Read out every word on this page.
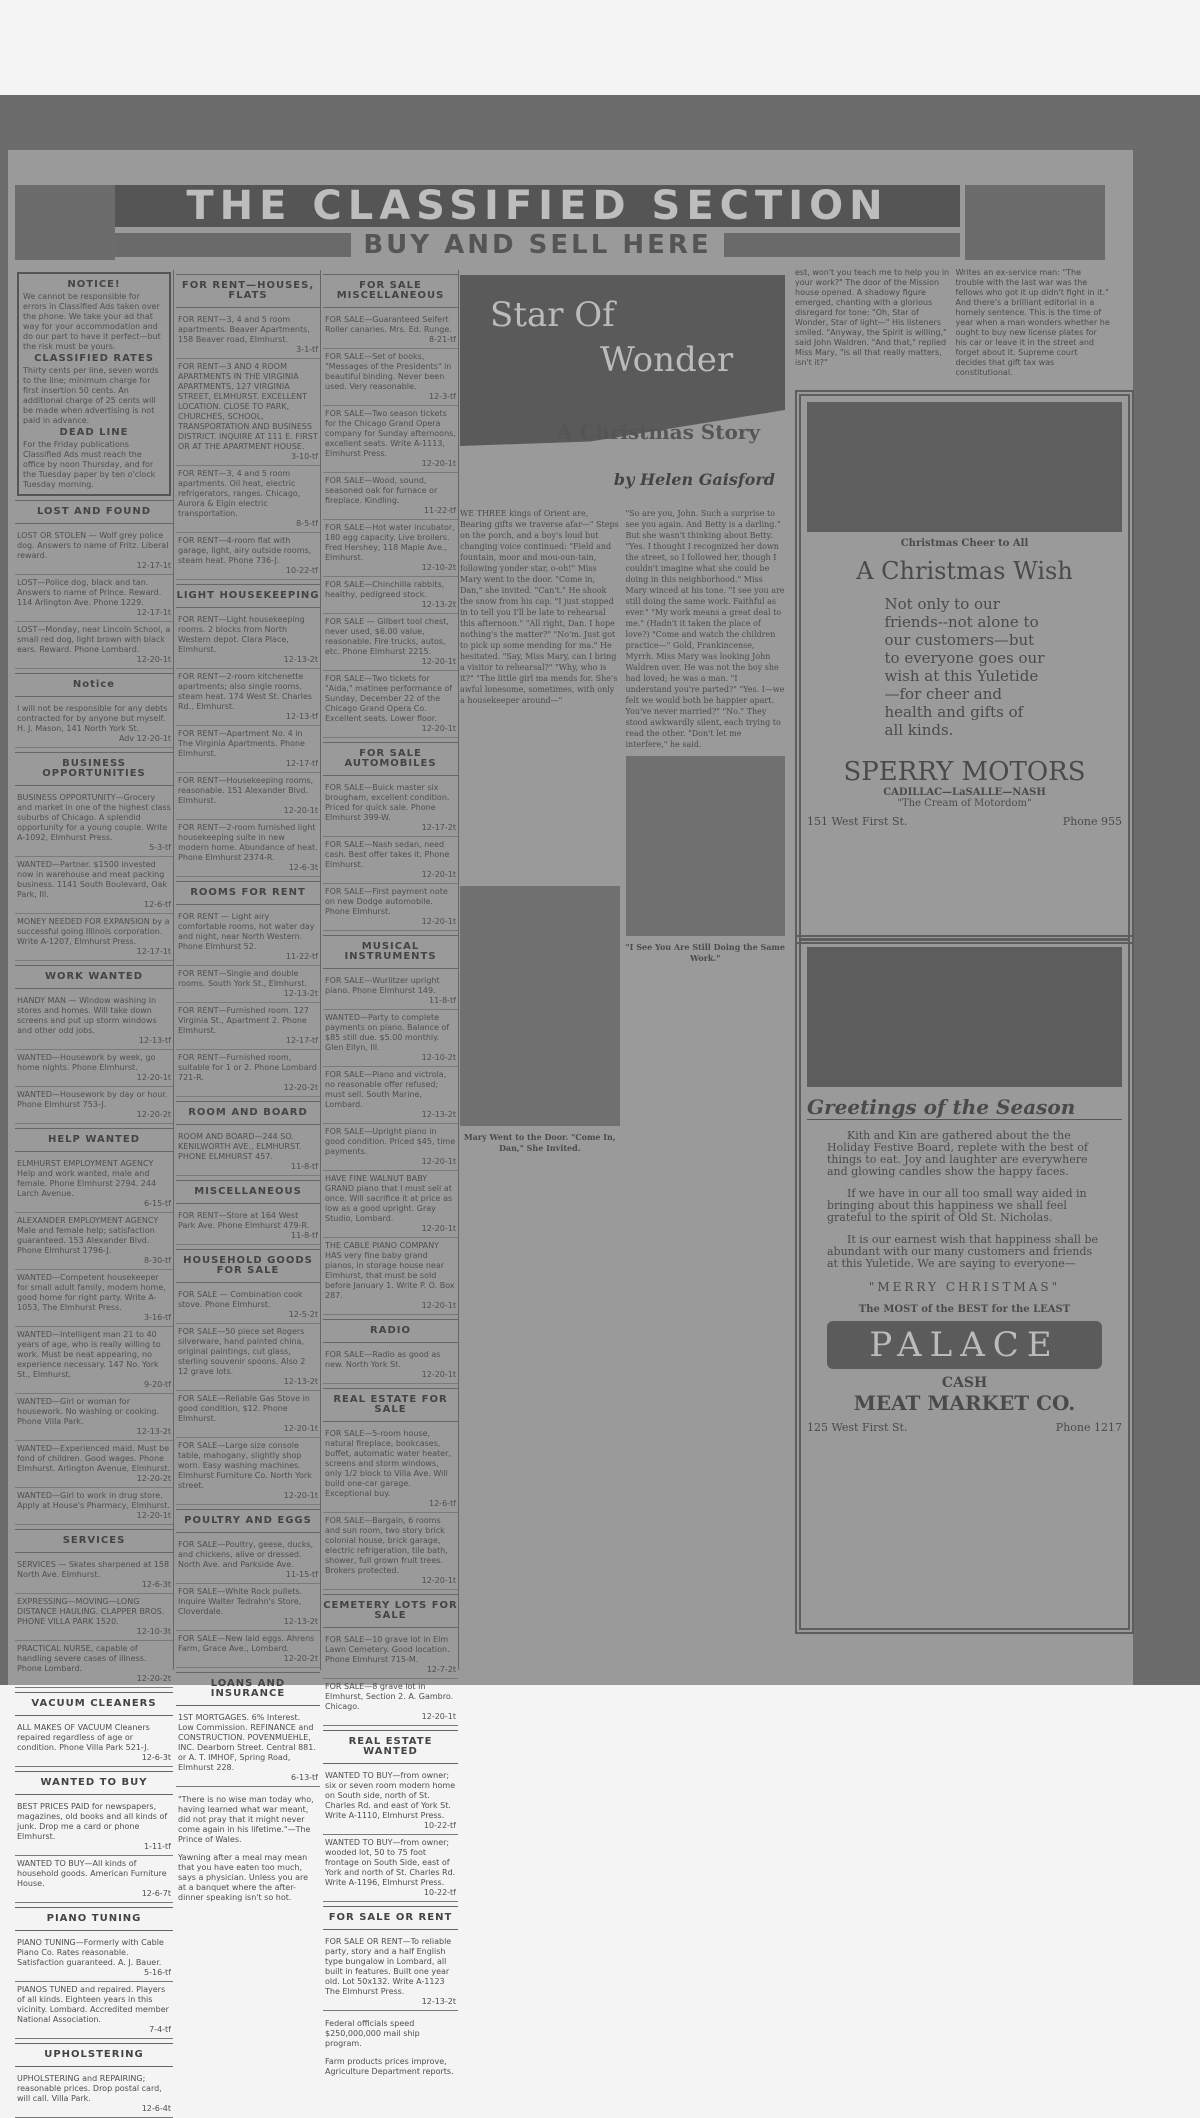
THE CLASSIFIED SECTION
BUY AND SELL HERE
NOTICE!
We cannot be responsible for errors in Classified Ads taken over the phone. We take your ad that way for your accommodation and do our part to have it perfect—but the risk must be yours.
CLASSIFIED RATES
Thirty cents per line, seven words to the line; minimum charge for first insertion 50 cents. An additional charge of 25 cents will be made when advertising is not paid in advance.
DEAD LINE
For the Friday publications Classified Ads must reach the office by noon Thursday, and for the Tuesday paper by ten o'clock Tuesday morning.
LOST AND FOUND
LOST OR STOLEN — Wolf grey police dog. Answers to name of Fritz. Liberal reward.
12-17-1t
LOST—Police dog, black and tan. Answers to name of Prince. Reward. 114 Arlington Ave. Phone 1229.
12-17-1t
LOST—Monday, near Lincoln School, a small red dog, light brown with black ears. Reward. Phone Lombard.
12-20-1t
Notice
I will not be responsible for any debts contracted for by anyone but myself. H. J. Mason, 141 North York St.
Adv 12-20-1t
BUSINESS OPPORTUNITIES
BUSINESS OPPORTUNITY—Grocery and market in one of the highest class suburbs of Chicago. A splendid opportunity for a young couple. Write A-1092, Elmhurst Press.
5-3-tf
WANTED—Partner. $1500 invested now in warehouse and meat packing business. 1141 South Boulevard, Oak Park, Ill.
12-6-tf
MONEY NEEDED FOR EXPANSION by a successful going Illinois corporation. Write A-1207, Elmhurst Press.
12-17-1t
WORK WANTED
HANDY MAN — Window washing in stores and homes. Will take down screens and put up storm windows and other odd jobs.
12-13-tf
WANTED—Housework by week, go home nights. Phone Elmhurst.
12-20-1t
WANTED—Housework by day or hour. Phone Elmhurst 753-J.
12-20-2t
HELP WANTED
ELMHURST EMPLOYMENT AGENCY Help and work wanted, male and female. Phone Elmhurst 2794. 244 Larch Avenue.
6-15-tf
ALEXANDER EMPLOYMENT AGENCY Male and female help; satisfaction guaranteed. 153 Alexander Blvd. Phone Elmhurst 1796-J.
8-30-tf
WANTED—Competent housekeeper for small adult family, modern home, good home for right party. Write A-1053, The Elmhurst Press.
3-16-tf
WANTED—Intelligent man 21 to 40 years of age, who is really willing to work. Must be neat appearing, no experience necessary. 147 No. York St., Elmhurst.
9-20-tf
WANTED—Girl or woman for housework. No washing or cooking. Phone Villa Park.
12-13-2t
WANTED—Experienced maid. Must be fond of children. Good wages. Phone Elmhurst. Arlington Avenue, Elmhurst.
12-20-2t
WANTED—Girl to work in drug store. Apply at House's Pharmacy, Elmhurst.
12-20-1t
SERVICES
SERVICES — Skates sharpened at 158 North Ave. Elmhurst.
12-6-3t
EXPRESSING—MOVING—LONG DISTANCE HAULING. CLAPPER BROS. PHONE VILLA PARK 1520.
12-10-3t
PRACTICAL NURSE, capable of handling severe cases of illness. Phone Lombard.
12-20-2t
VACUUM CLEANERS
ALL MAKES OF VACUUM Cleaners repaired regardless of age or condition. Phone Villa Park 521-J.
12-6-3t
WANTED TO BUY
BEST PRICES PAID for newspapers, magazines, old books and all kinds of junk. Drop me a card or phone Elmhurst.
1-11-tf
WANTED TO BUY—All kinds of household goods. American Furniture House.
12-6-7t
PIANO TUNING
PIANO TUNING—Formerly with Cable Piano Co. Rates reasonable. Satisfaction guaranteed. A. J. Bauer.
5-16-tf
PIANOS TUNED and repaired. Players of all kinds. Eighteen years in this vicinity. Lombard. Accredited member National Association.
7-4-tf
UPHOLSTERING
UPHOLSTERING and REPAIRING; reasonable prices. Drop postal card, will call. Villa Park.
12-6-4t
FOR RENT—HOUSES, FLATS
FOR RENT—3, 4 and 5 room apartments. Beaver Apartments, 158 Beaver road, Elmhurst.
3-1-tf
FOR RENT—3 AND 4 ROOM APARTMENTS IN THE VIRGINIA APARTMENTS, 127 VIRGINIA STREET, ELMHURST. EXCELLENT LOCATION. CLOSE TO PARK, CHURCHES, SCHOOL, TRANSPORTATION AND BUSINESS DISTRICT. INQUIRE AT 111 E. FIRST OR AT THE APARTMENT HOUSE.
3-10-tf
FOR RENT—3, 4 and 5 room apartments. Oil heat, electric refrigerators, ranges. Chicago, Aurora & Elgin electric transportation.
8-5-tf
FOR RENT—4-room flat with garage, light, airy outside rooms, steam heat. Phone 736-J.
10-22-tf
LIGHT HOUSEKEEPING
FOR RENT—Light housekeeping rooms. 2 blocks from North Western depot. Clara Place, Elmhurst.
12-13-2t
FOR RENT—2-room kitchenette apartments; also single rooms, steam heat. 174 West St. Charles Rd., Elmhurst.
12-13-tf
FOR RENT—Apartment No. 4 in The Virginia Apartments. Phone Elmhurst.
12-17-tf
FOR RENT—Housekeeping rooms, reasonable. 151 Alexander Blvd. Elmhurst.
12-20-1t
FOR RENT—2-room furnished light housekeeping suite in new modern home. Abundance of heat. Phone Elmhurst 2374-R.
12-6-3t
ROOMS FOR RENT
FOR RENT — Light airy comfortable rooms, hot water day and night, near North Western. Phone Elmhurst 52.
11-22-tf
FOR RENT—Single and double rooms. South York St., Elmhurst.
12-13-2t
FOR RENT—Furnished room. 127 Virginia St., Apartment 2. Phone Elmhurst.
12-17-tf
FOR RENT—Furnished room, suitable for 1 or 2. Phone Lombard 721-R.
12-20-2t
ROOM AND BOARD
ROOM AND BOARD—244 SO. KENILWORTH AVE., ELMHURST. PHONE ELMHURST 457.
11-8-tf
MISCELLANEOUS
FOR RENT—Store at 164 West Park Ave. Phone Elmhurst 479-R.
11-8-tf
HOUSEHOLD GOODS FOR SALE
FOR SALE — Combination cook stove. Phone Elmhurst.
12-5-2t
FOR SALE—50 piece set Rogers silverware, hand painted china, original paintings, cut glass, sterling souvenir spoons. Also 2 12 grave lots.
12-13-2t
FOR SALE—Reliable Gas Stove in good condition, $12. Phone Elmhurst.
12-20-1t
FOR SALE—Large size console table, mahogany, slightly shop worn. Easy washing machines. Elmhurst Furniture Co. North York street.
12-20-1t
POULTRY AND EGGS
FOR SALE—Poultry, geese, ducks, and chickens, alive or dressed. North Ave. and Parkside Ave.
11-15-tf
FOR SALE—White Rock pullets. Inquire Walter Tedrahn's Store, Cloverdale.
12-13-2t
FOR SALE—New laid eggs. Ahrens Farm, Grace Ave., Lombard.
12-20-2t
LOANS AND INSURANCE
1ST MORTGAGES. 6% Interest. Low Commission. REFINANCE and CONSTRUCTION. POVENMUEHLE, INC. Dearborn Street. Central 881. or A. T. IMHOF, Spring Road, Elmhurst 228.
6-13-tf

"There is no wise man today who, having learned what war meant, did not pray that it might never come again in his lifetime."—The Prince of Wales.

Yawning after a meal may mean that you have eaten too much, says a physician. Unless you are at a banquet where the after-dinner speaking isn't so hot.

FOR SALE MISCELLANEOUS
FOR SALE—Guaranteed Seifert Roller canaries. Mrs. Ed. Runge.
8-21-tf
FOR SALE—Set of books, "Messages of the Presidents" in beautiful binding. Never been used. Very reasonable.
12-3-tf
FOR SALE—Two season tickets for the Chicago Grand Opera company for Sunday afternoons, excellent seats. Write A-1113, Elmhurst Press.
12-20-1t
FOR SALE—Wood, sound, seasoned oak for furnace or fireplace. Kindling.
11-22-tf
FOR SALE—Hot water incubator, 180 egg capacity. Live broilers. Fred Hershey, 118 Maple Ave., Elmhurst.
12-10-2t
FOR SALE—Chinchilla rabbits, healthy, pedigreed stock.
12-13-2t
FOR SALE — Gilbert tool chest, never used, $6.00 value, reasonable. Fire trucks, autos, etc. Phone Elmhurst 2215.
12-20-1t
FOR SALE—Two tickets for "Aida," matinee performance of Sunday, December 22 of the Chicago Grand Opera Co. Excellent seats. Lower floor.
12-20-1t
FOR SALE AUTOMOBILES
FOR SALE—Buick master six brougham, excellent condition. Priced for quick sale. Phone Elmhurst 399-W.
12-17-2t
FOR SALE—Nash sedan, need cash. Best offer takes it. Phone Elmhurst.
12-20-1t
FOR SALE—First payment note on new Dodge automobile. Phone Elmhurst.
12-20-1t
MUSICAL INSTRUMENTS
FOR SALE—Wurlitzer upright piano. Phone Elmhurst 149.
11-8-tf
WANTED—Party to complete payments on piano. Balance of $85 still due. $5.00 monthly. Glen Ellyn, Ill.
12-10-2t
FOR SALE—Piano and victrola, no reasonable offer refused; must sell. South Marine, Lombard.
12-13-2t
FOR SALE—Upright piano in good condition. Priced $45, time payments.
12-20-1t
HAVE FINE WALNUT BABY GRAND piano that I must sell at once. Will sacrifice it at price as low as a good upright. Gray Studio, Lombard.
12-20-1t
THE CABLE PIANO COMPANY HAS very fine baby grand pianos, in storage house near Elmhurst, that must be sold before January 1. Write P. O. Box 287.
12-20-1t
RADIO
FOR SALE—Radio as good as new. North York St.
12-20-1t
REAL ESTATE FOR SALE
FOR SALE—5-room house, natural fireplace, bookcases, buffet, automatic water heater, screens and storm windows, only 1/2 block to Villa Ave. Will build one-car garage. Exceptional buy.
12-6-tf
FOR SALE—Bargain, 6 rooms and sun room, two story brick colonial house, brick garage, electric refrigeration, tile bath, shower, full grown fruit trees. Brokers protected.
12-20-1t
CEMETERY LOTS FOR SALE
FOR SALE—10 grave lot in Elm Lawn Cemetery. Good location. Phone Elmhurst 715-M.
12-7-2t
FOR SALE—8 grave lot in Elmhurst, Section 2. A. Gambro. Chicago.
12-20-1t
REAL ESTATE WANTED
WANTED TO BUY—from owner; six or seven room modern home on South side, north of St. Charles Rd. and east of York St. Write A-1110, Elmhurst Press.
10-22-tf
WANTED TO BUY—from owner; wooded lot, 50 to 75 foot frontage on South Side, east of York and north of St. Charles Rd. Write A-1196, Elmhurst Press.
10-22-tf
FOR SALE OR RENT
FOR SALE OR RENT—To reliable party, story and a half English type bungalow in Lombard, all built in features. Built one year old. Lot 50x132. Write A-1123 The Elmhurst Press.
12-13-2t

Federal officials speed $250,000,000 mail ship program.

Farm products prices improve, Agriculture Department reports.

Star Of
Wonder
A Christmas Story
by Helen Gaisford
WE THREE kings of Orient are, Bearing gifts we traverse afar—" Steps on the porch, and a boy's loud but changing voice continued: "Field and fountain, moor and mou-oun-tain, following yonder star, o-oh!" Miss Mary went to the door. "Come in, Dan," she invited. "Can't." He shook the snow from his cap. "I just stopped in to tell you I'll be late to rehearsal this afternoon." "All right, Dan. I hope nothing's the matter?" "No'm. Just got to pick up some mending for ma." He hesitated. "Say, Miss Mary, can I bring a visitor to rehearsal?" "Why, who is it?" "The little girl ma mends for. She's awful lonesome, sometimes, with only a housekeeper around—"
Mary Went to the Door. "Come In, Dan," She Invited.
"So are you, John. Such a surprise to see you again. And Betty is a darling." But she wasn't thinking about Betty. "Yes. I thought I recognized her down the street, so I followed her, though I couldn't imagine what she could be doing in this neighborhood." Miss Mary winced at his tone. "I see you are still doing the same work. Faithful as ever." "My work means a great deal to me." (Hadn't it taken the place of love?) "Come and watch the children practice—" Gold, Frankincense, Myrrh. Miss Mary was looking John Waldren over. He was not the boy she had loved; he was a man. "I understand you're parted?" "Yes. I—we felt we would both be happier apart. You've never married?" "No." They stood awkwardly silent, each trying to read the other. "Don't let me interfere," he said.
"I See You Are Still Doing the Same Work."
est, won't you teach me to help you in your work?" The door of the Mission house opened. A shadowy figure emerged, chanting with a glorious disregard for tone: "Oh, Star of Wonder, Star of light—" His listeners smiled. "Anyway, the Spirit is willing," said John Waldren. "And that," replied Miss Mary, "is all that really matters, isn't it?"
Writes an ex-service man: "The trouble with the last war was the fellows who got it up didn't fight in it." And there's a brilliant editorial in a homely sentence. This is the time of year when a man wonders whether he ought to buy new license plates for his car or leave it in the street and forget about it. Supreme court decides that gift tax was constitutional.
Christmas Cheer to All
A Christmas Wish
Not only to our friends--not alone to our customers—but to everyone goes our wish at this Yuletide—for cheer and health and gifts of all kinds.
SPERRY MOTORS
CADILLAC—LaSALLE—NASH
"The Cream of Motordom"
151 West First St.	Phone 955
Greetings of the Season

Kith and Kin are gathered about the the Holiday Festive Board, replete with the best of things to eat. Joy and laughter are everywhere and glowing candles show the happy faces.

If we have in our all too small way aided in bringing about this happiness we shall feel grateful to the spirit of Old St. Nicholas.

It is our earnest wish that happiness shall be abundant with our many customers and friends at this Yuletide. We are saying to everyone—

"MERRY CHRISTMAS"
The MOST of the BEST for the LEAST
PALACE
CASH
MEAT MARKET CO.
125 West First St.	Phone 1217
